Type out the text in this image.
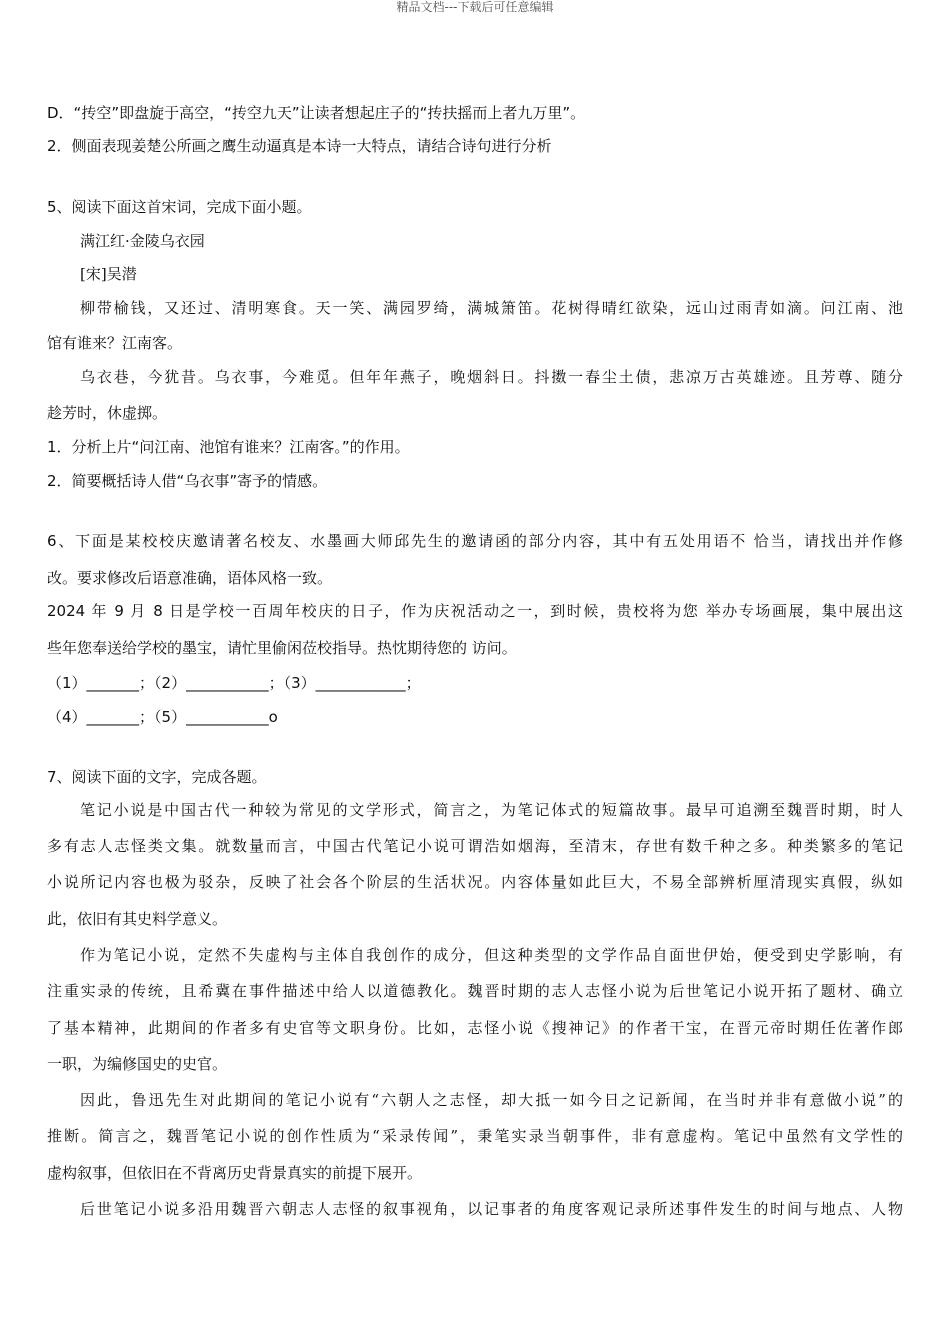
精品文档---下载后可任意编辑
D．“抟空”即盘旋于高空，“抟空九天”让读者想起庄子的“抟扶摇而上者九万里”。
2．侧面表现姜楚公所画之鹰生动逼真是本诗一大特点，请结合诗句进行分析
5、阅读下面这首宋词，完成下面小题。
满江红·金陵乌衣园
[宋]吴潜
柳带榆钱，又还过、清明寒食。天一笑、满园罗绮，满城箫笛。花树得晴红欲染，远山过雨青如滴。问江南、池
馆有谁来？江南客。
乌衣巷，今犹昔。乌衣事，今难觅。但年年燕子，晚烟斜日。抖擞一春尘土债，悲凉万古英雄迹。且芳尊、随分
趁芳时，休虚掷。
1．分析上片“问江南、池馆有谁来？江南客。”的作用。
2．简要概括诗人借“乌衣事”寄予的情感。
6、下面是某校校庆邀请著名校友、水墨画大师邱先生的邀请函的部分内容，其中有五处用语不 恰当，请找出并作修
改。要求修改后语意准确，语体风格一致。
2024 年 9 月 8 日是学校一百周年校庆的日子，作为庆祝活动之一，到时候，贵校将为您 举办专场画展，集中展出这
些年您奉送给学校的墨宝，请忙里偷闲莅校指导。热忱期待您的 访问。
（1）_______；（2）___________；（3）____________；
（4）_______；（5）___________o
7、阅读下面的文字，完成各题。
笔记小说是中国古代一种较为常见的文学形式，简言之，为笔记体式的短篇故事。最早可追溯至魏晋时期，时人
多有志人志怪类文集。就数量而言，中国古代笔记小说可谓浩如烟海，至清末，存世有数千种之多。种类繁多的笔记
小说所记内容也极为驳杂，反映了社会各个阶层的生活状况。内容体量如此巨大，不易全部辨析厘清现实真假，纵如
此，依旧有其史料学意义。
作为笔记小说，定然不失虚构与主体自我创作的成分，但这种类型的文学作品自面世伊始，便受到史学影响，有
注重实录的传统，且希冀在事件描述中给人以道德教化。魏晋时期的志人志怪小说为后世笔记小说开拓了题材、确立
了基本精神，此期间的作者多有史官等文职身份。比如，志怪小说《搜神记》的作者干宝，在晋元帝时期任佐著作郎
一职，为编修国史的史官。
因此，鲁迅先生对此期间的笔记小说有“六朝人之志怪，却大抵一如今日之记新闻，在当时并非有意做小说”的
推断。简言之，魏晋笔记小说的创作性质为“采录传闻”，秉笔实录当朝事件，非有意虚构。笔记中虽然有文学性的
虚构叙事，但依旧在不背离历史背景真实的前提下展开。
后世笔记小说多沿用魏晋六朝志人志怪的叙事视角，以记事者的角度客观记录所述事件发生的时间与地点、人物
